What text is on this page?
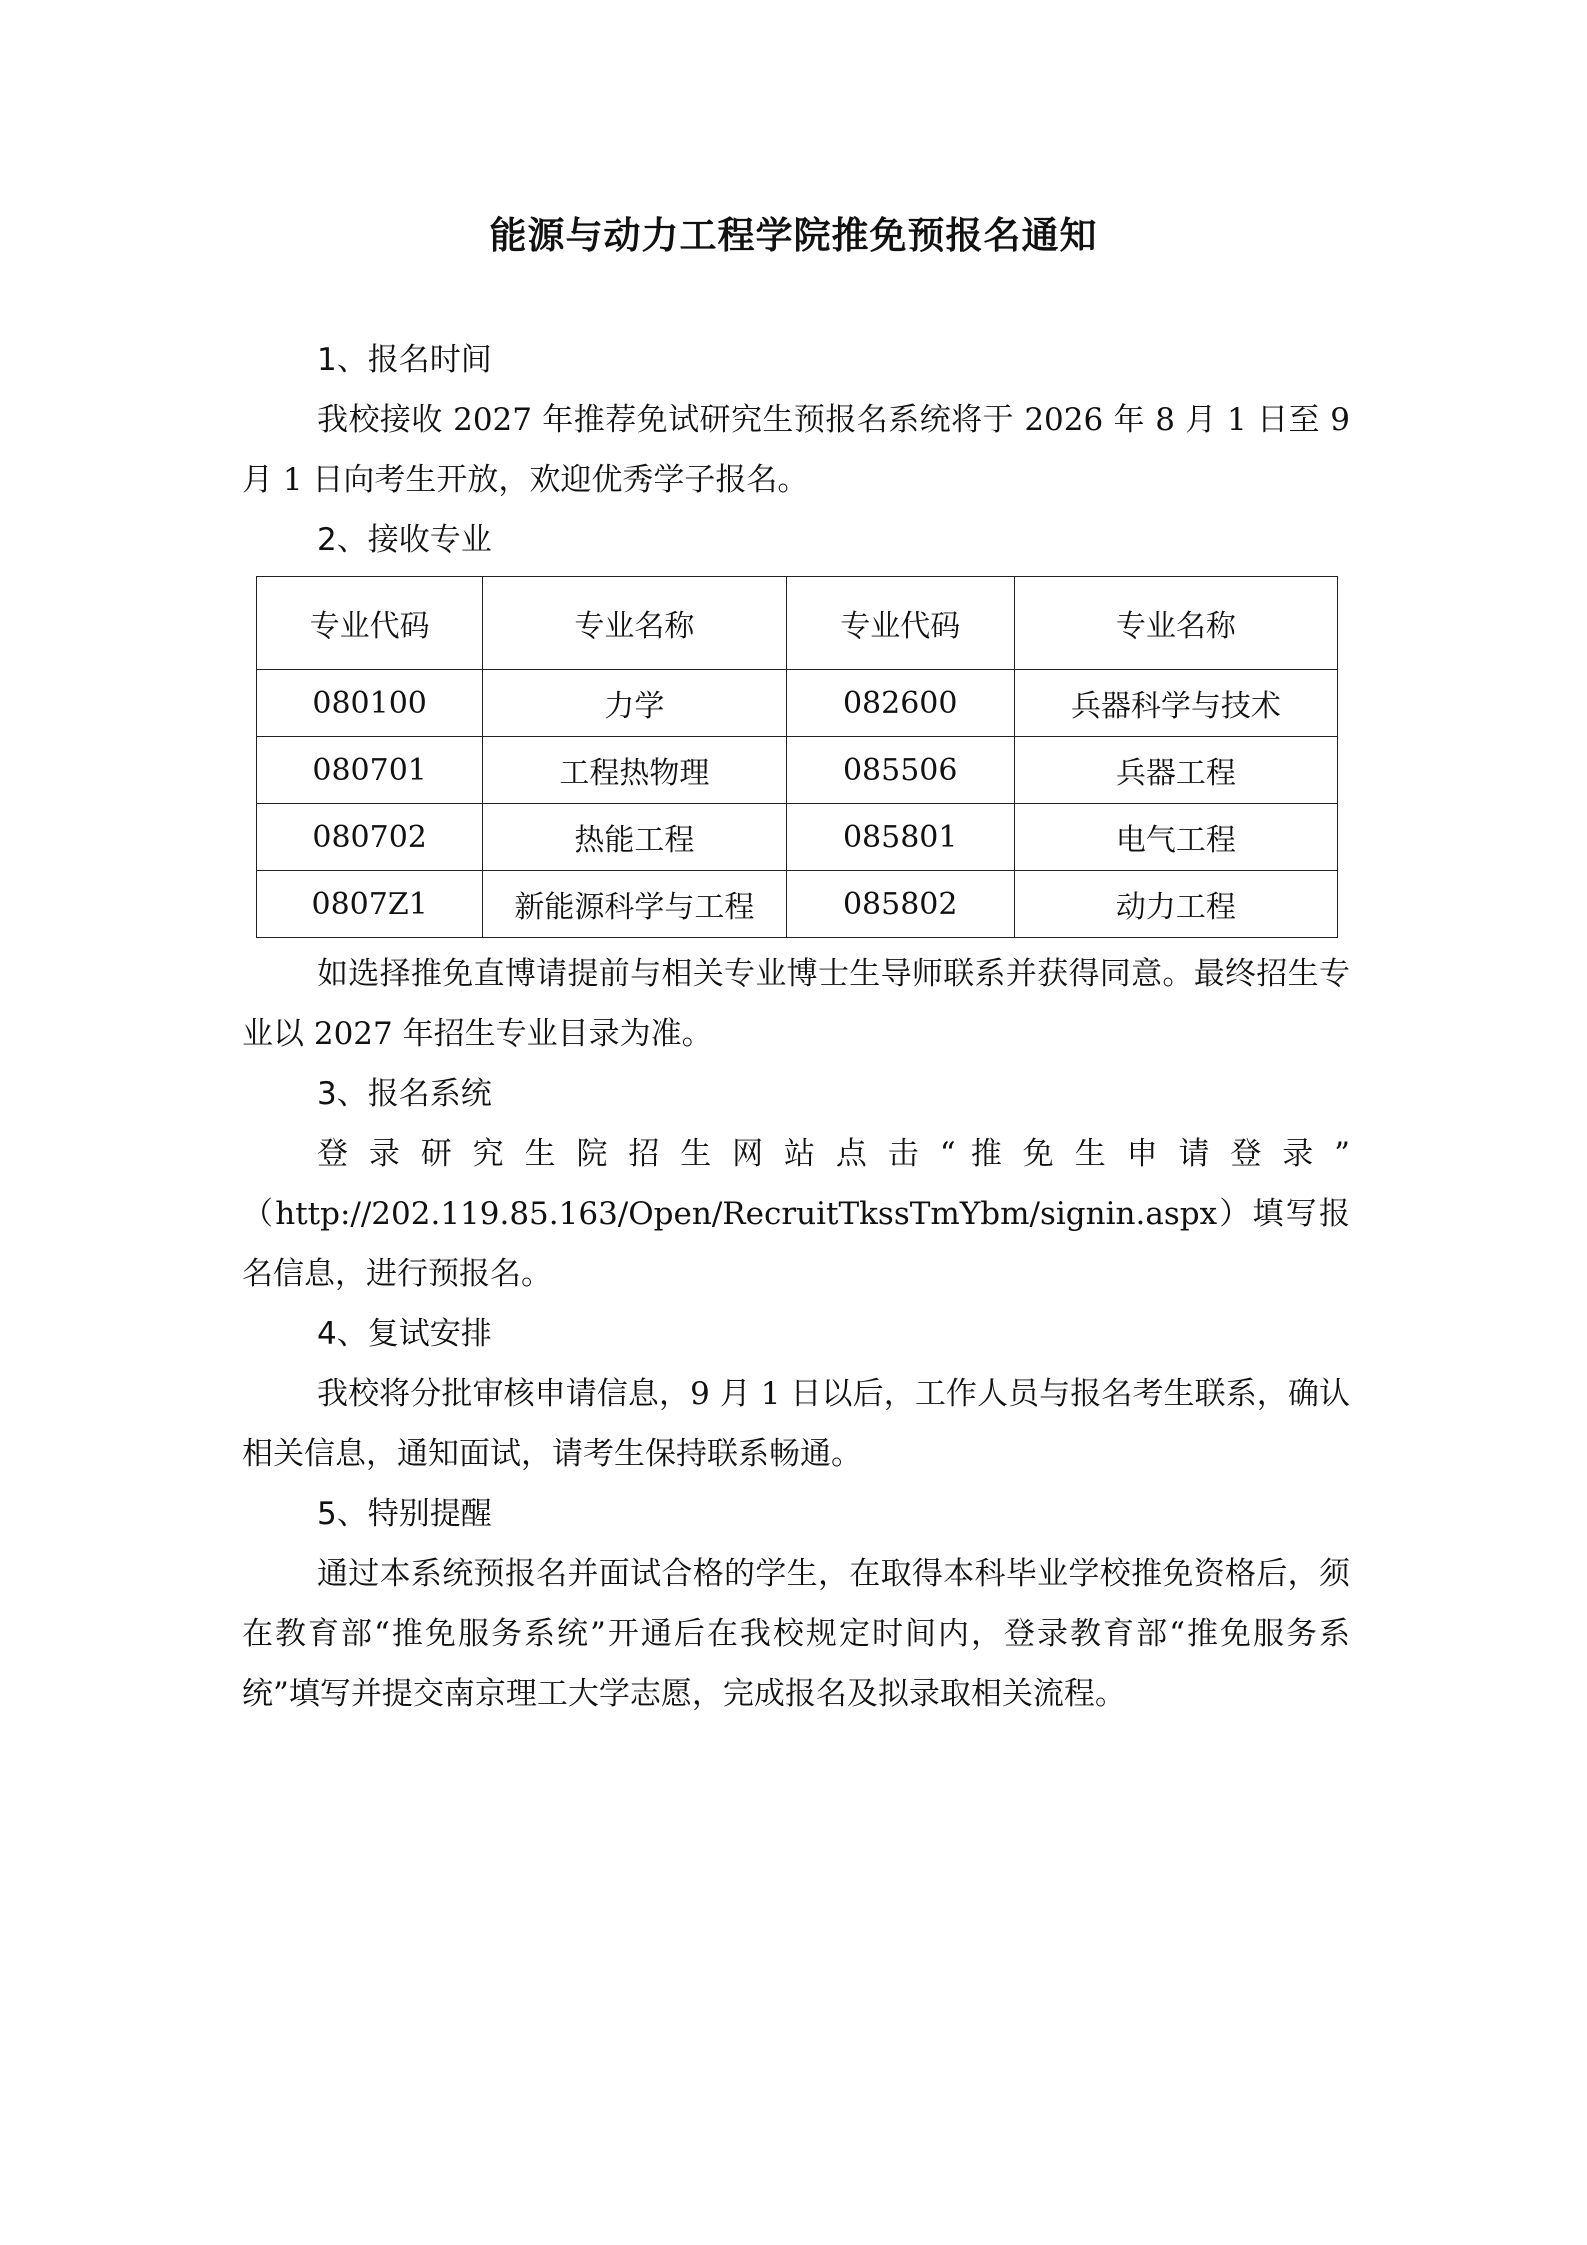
能源与动力工程学院推免预报名通知

1、报名时间

我校接收 2027 年推荐免试研究生预报名系统将于 2026 年 8 月 1 日至 9 月 1 日向考生开放，欢迎优秀学子报名。

2、接收专业

专业代码	专业名称	专业代码	专业名称
080100	力学	082600	兵器科学与技术
080701	工程热物理	085506	兵器工程
080702	热能工程	085801	电气工程
0807Z1	新能源科学与工程	085802	动力工程

如选择推免直博请提前与相关专业博士生导师联系并获得同意。最终招生专业以 2027 年招生专业目录为准。

3、报名系统

登 录 研 究 生 院 招 生 网 站 点 击 “ 推 免 生 申 请 登 录 ”

（http://202.119.85.163/Open/RecruitTkssTmYbm/signin.aspx）填写报名信息，进行预报名。

4、复试安排

我校将分批审核申请信息，9 月 1 日以后，工作人员与报名考生联系，确认相关信息，通知面试，请考生保持联系畅通。

5、特别提醒

通过本系统预报名并面试合格的学生，在取得本科毕业学校推免资格后，须在教育部“推免服务系统”开通后在我校规定时间内，登录教育部“推免服务系统”填写并提交南京理工大学志愿，完成报名及拟录取相关流程。
